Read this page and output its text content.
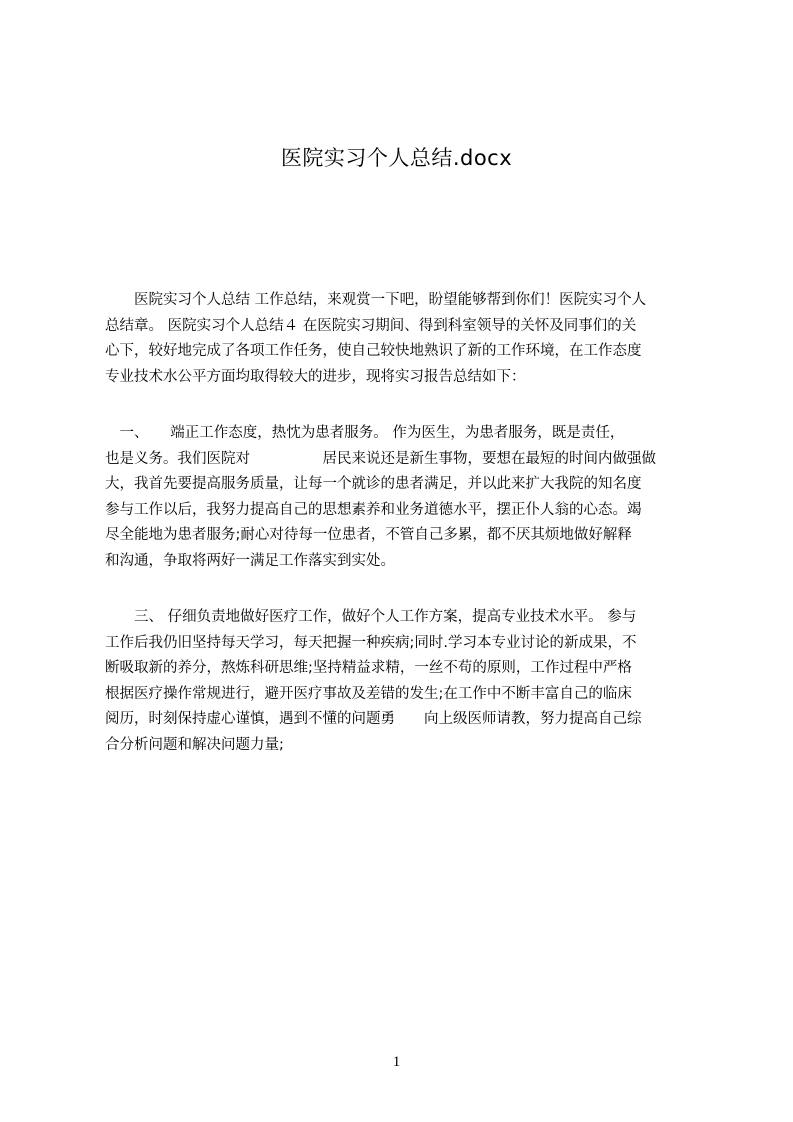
医院实习个人总结.docx
　　医院实习个人总结 工作总结，来观赏一下吧，盼望能够帮到你们！医院实习个人
总结章。 医院实习个人总结４ 在医院实习期间、得到科室领导的关怀及同事们的关
心下，较好地完成了各项工作任务，使自己较快地熟识了新的工作环境，在工作态度
专业技术水公平方面均取得较大的进步，现将实习报告总结如下：
　一、　　端正工作态度，热忱为患者服务。 作为医生，为患者服务，既是责任，
也是义务。我们医院对　　　　　居民来说还是新生事物，要想在最短的时间内做强做
大，我首先要提高服务质量，让每一个就诊的患者满足，并以此来扩大我院的知名度
参与工作以后，我努力提高自己的思想素养和业务道德水平，摆正仆人翁的心态。竭
尽全能地为患者服务;耐心对待每一位患者，不管自己多累，都不厌其烦地做好解释
和沟通，争取将两好一满足工作落实到实处。
　　三、 仔细负责地做好医疗工作，做好个人工作方案，提高专业技术水平。 参与
工作后我仍旧坚持每天学习，每天把握一种疾病;同时.学习本专业讨论的新成果，不
断吸取新的养分，熬炼科研思维;坚持精益求精，一丝不苟的原则，工作过程中严格
根据医疗操作常规进行，避开医疗事故及差错的发生;在工作中不断丰富自己的临床
阅历，时刻保持虚心谨慎，遇到不懂的问题勇　　向上级医师请教，努力提高自己综
合分析问题和解决问题力量;
1
